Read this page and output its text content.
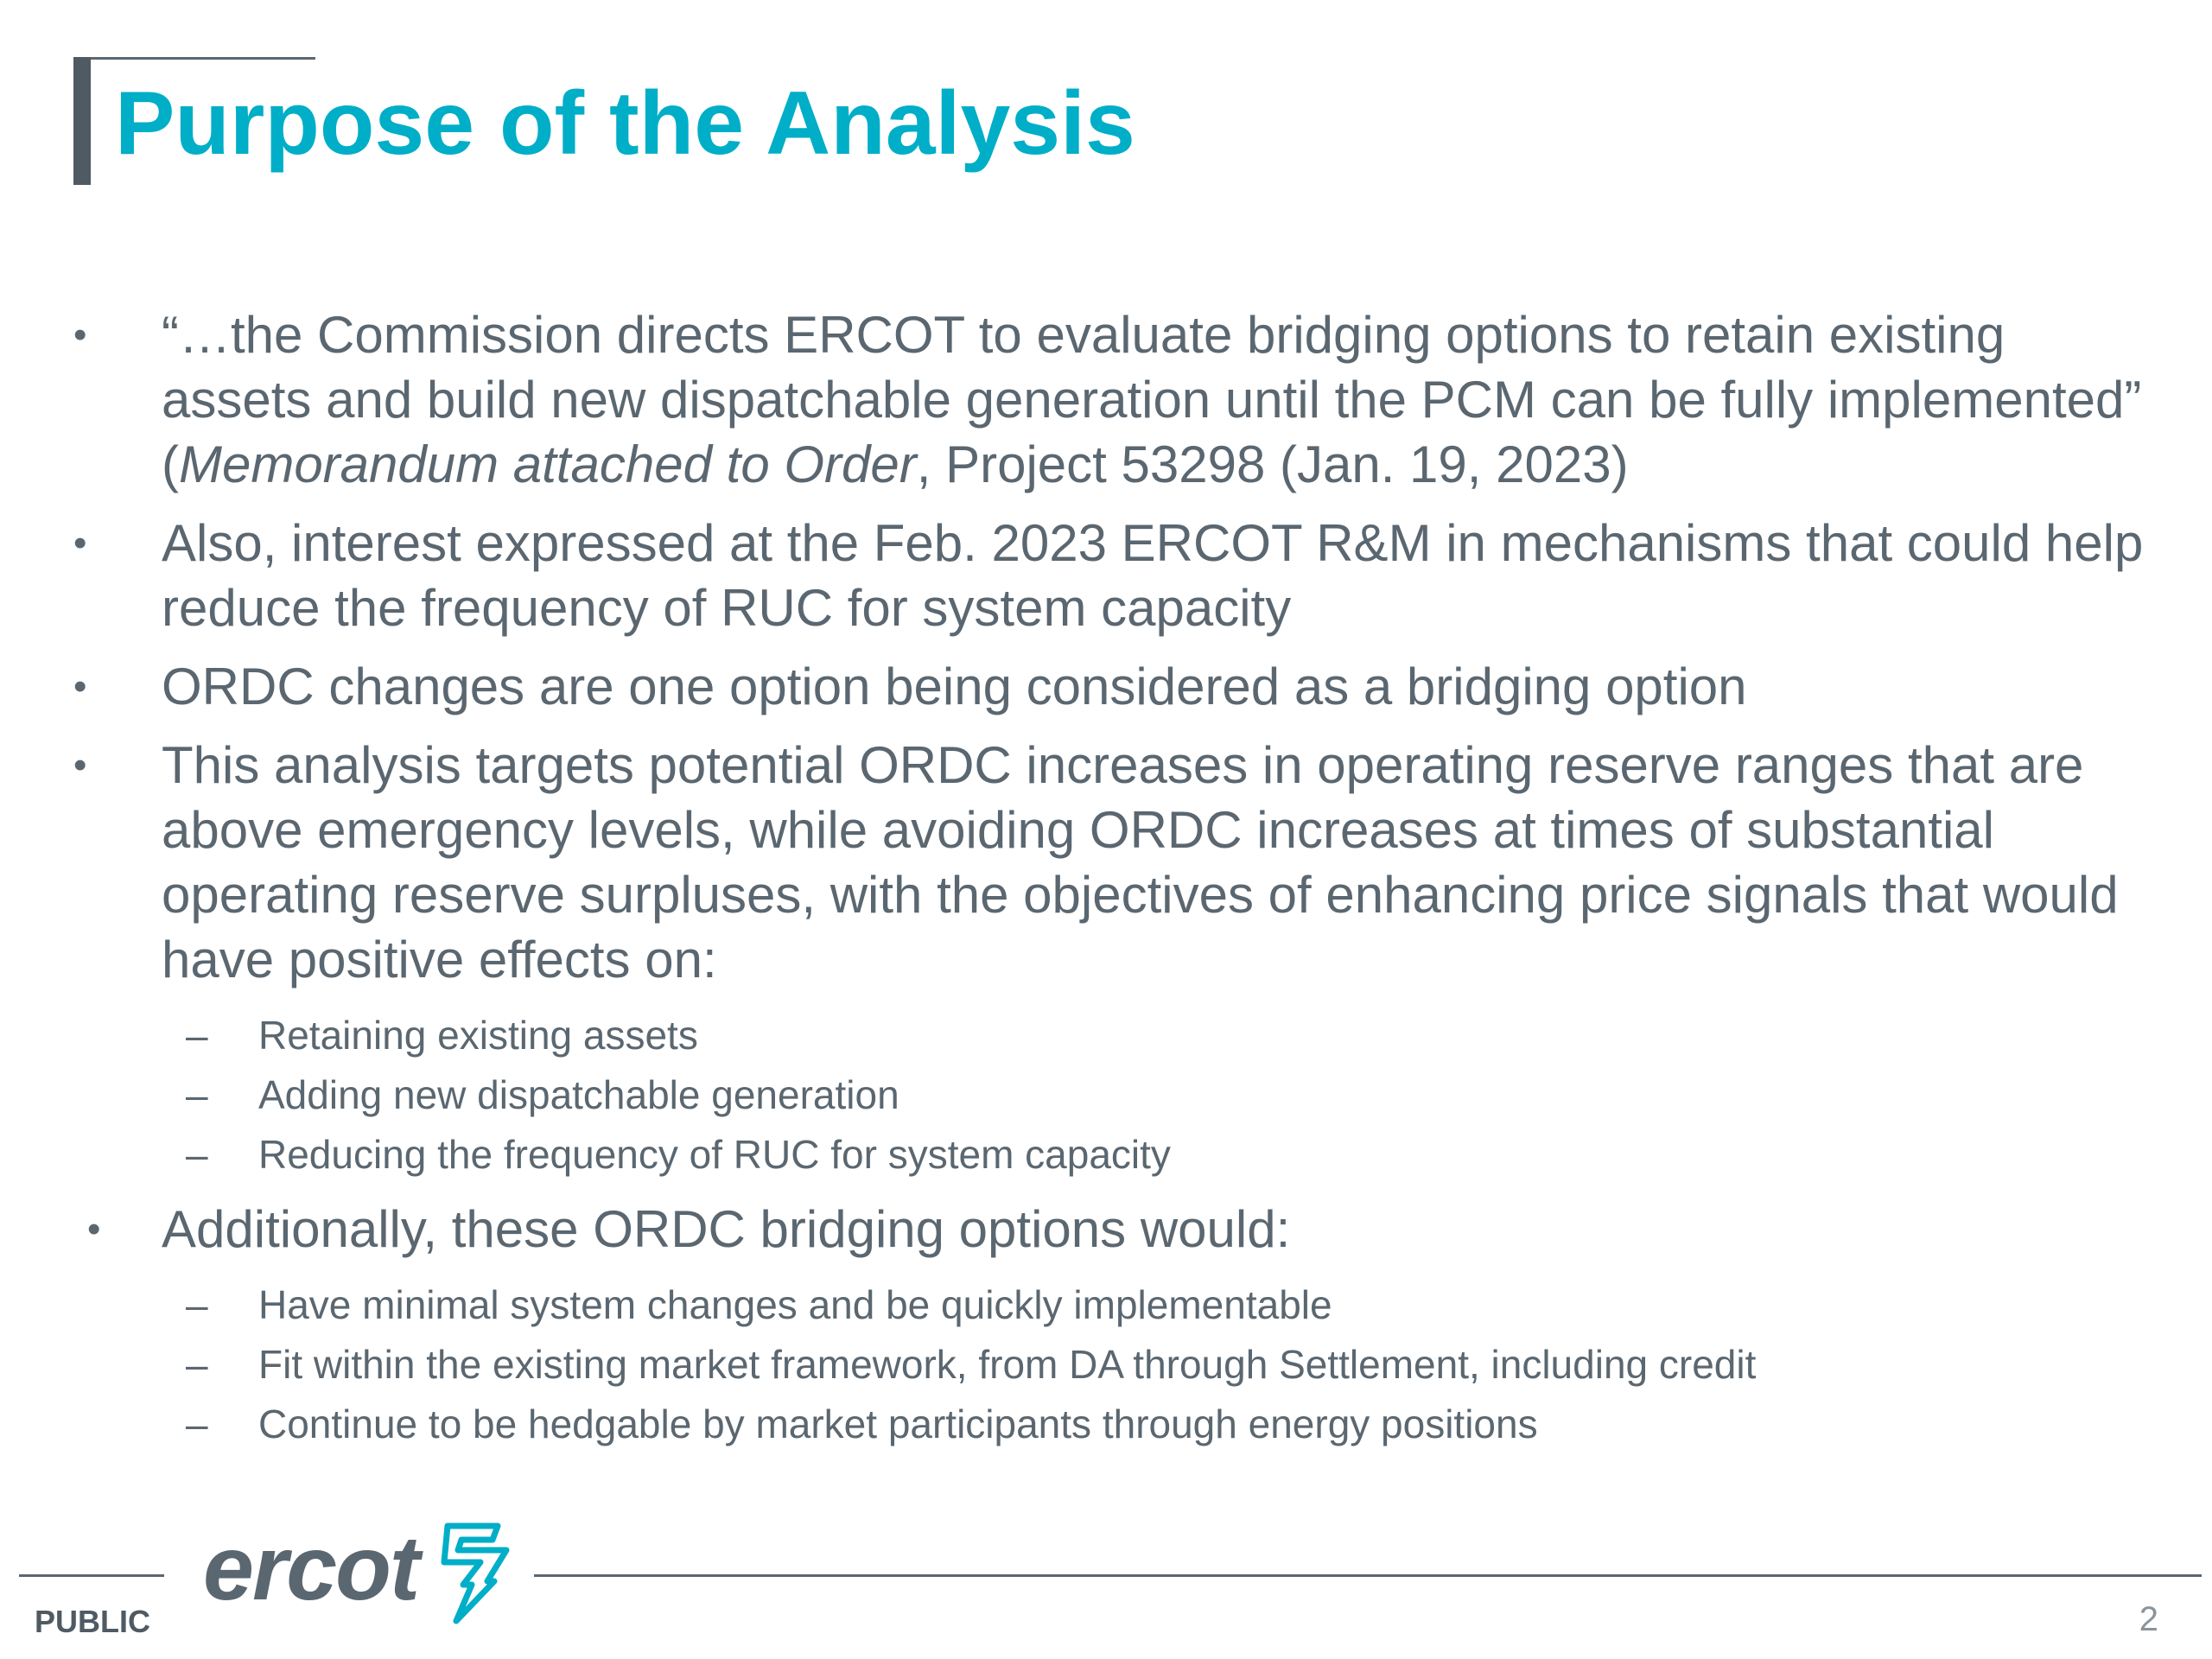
Purpose of the Analysis
• “…the Commission directs ERCOT to evaluate bridging options to retain existing assets and build new dispatchable generation until the PCM can be fully implemented” (Memorandum attached to Order, Project 53298 (Jan. 19, 2023)
• Also, interest expressed at the Feb. 2023 ERCOT R&M in mechanisms that could help reduce the frequency of RUC for system capacity
• ORDC changes are one option being considered as a bridging option
• This analysis targets potential ORDC increases in operating reserve ranges that are above emergency levels, while avoiding ORDC increases at times of substantial operating reserve surpluses, with the objectives of enhancing price signals that would have positive effects on:
– Retaining existing assets
– Adding new dispatchable generation
– Reducing the frequency of RUC for system capacity
• Additionally, these ORDC bridging options would:
– Have minimal system changes and be quickly implementable
– Fit within the existing market framework, from DA through Settlement, including credit
– Continue to be hedgable by market participants through energy positions
ercot
PUBLIC	2
